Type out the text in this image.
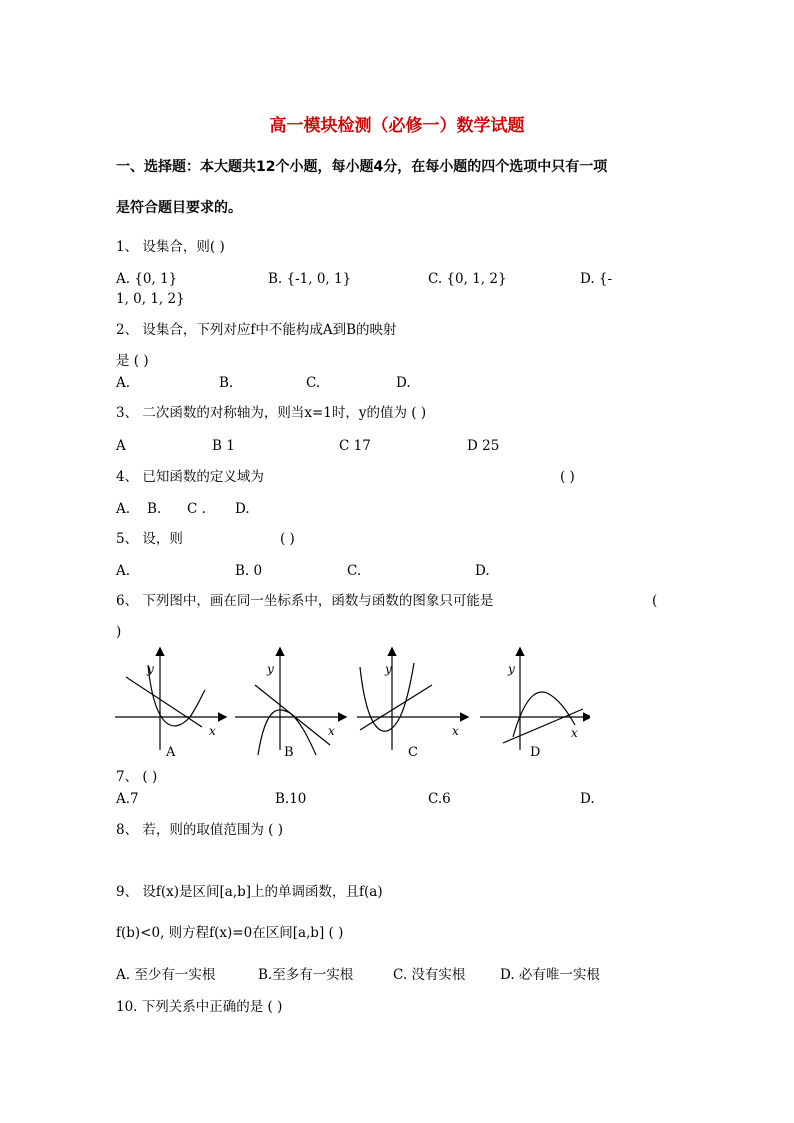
高一模块检测（必修一）数学试题
一、选择题：本大题共12个小题，每小题4分，在每小题的四个选项中只有一项
是符合题目要求的。
1、 设集合，则( )
A. {0, 1}	B. {-1, 0, 1}	C. {0, 1, 2}	D. {-
1, 0, 1, 2}
2、 设集合，下列对应f中不能构成A到B的映射
是 ( )
A.	B.	C.	D.
3、 二次函数的对称轴为，则当x=1时，y的值为 ( )
A	B 1	C 17	D 25
4、 已知函数的定义域为	( )
A. B. C . D.
5、 设，则	( )
A.	B. 0	C.	D.
6、 下列图中，画在同一坐标系中，函数与函数的图象只可能是	(
)
y
x
A
y
x
B
y
x
C
y
x
D
7、 ( )
A.7	B.10	C.6	D.
8、 若，则的取值范围为 ( )
9、 设f(x)是区间[a,b]上的单调函数，且f(a)
f(b)<0, 则方程f(x)=0在区间[a,b] ( )
A. 至少有一实根	B.至多有一实根	C. 没有实根	D. 必有唯一实根
10. 下列关系中正确的是 ( )
